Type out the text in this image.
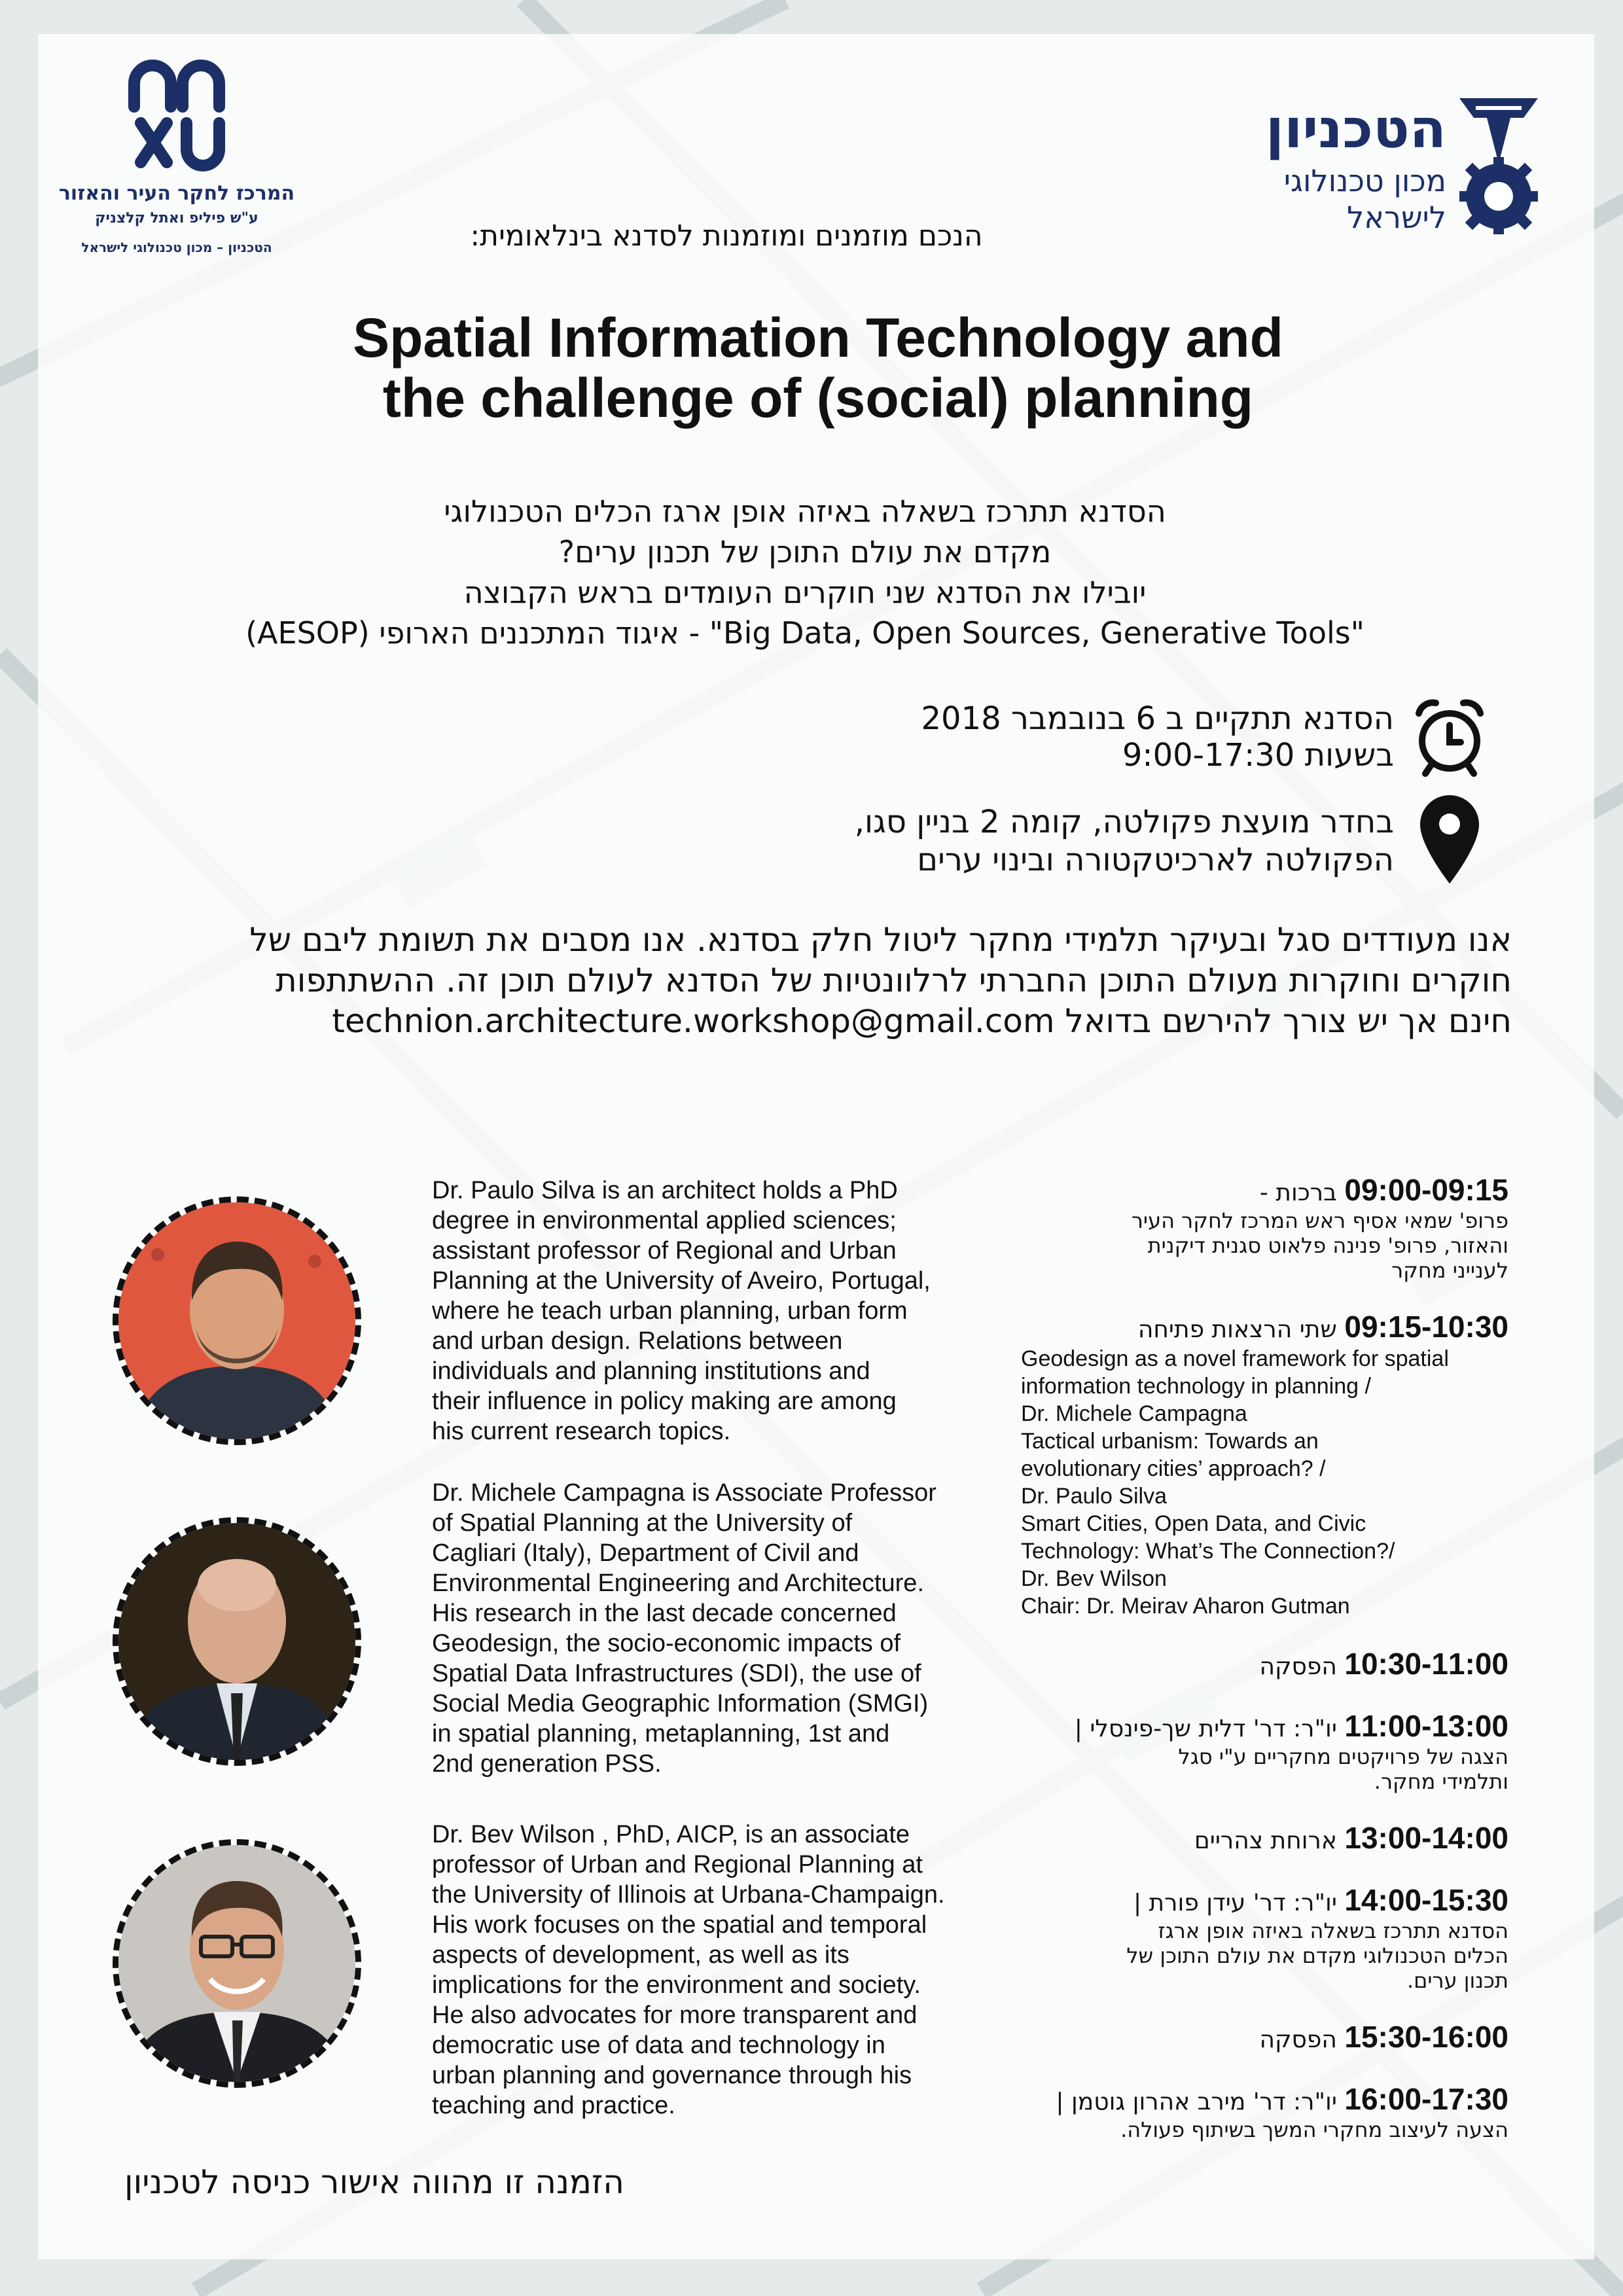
המרכז לחקר העיר והאזור
ע"ש פיליפ ואתל קלצניק
הטכניון – מכון טכנולוגי לישראל
הטכניון
מכון טכנולוגי
לישראל
הנכם מוזמנים ומוזמנות לסדנא בינלאומית:
Spatial Information Technology and
the challenge of (social) planning
הסדנא תתרכז בשאלה באיזה אופן ארגז הכלים הטכנולוגי
מקדם את עולם התוכן של תכנון ערים?
יובילו את הסדנא שני חוקרים העומדים בראש הקבוצה
"Big Data, Open Sources, Generative Tools" - איגוד המתכננים הארופי (AESOP)
הסדנא תתקיים ב 6 בנובמבר 2018
בשעות 9:00-17:30
בחדר מועצת פקולטה, קומה 2 בניין סגו,
הפקולטה לארכיטקטורה ובינוי ערים
אנו מעודדים סגל ובעיקר תלמידי מחקר ליטול חלק בסדנא. אנו מסבים את תשומת ליבם של
חוקרים וחוקרות מעולם התוכן החברתי לרלוונטיות של הסדנא לעולם תוכן זה. ההשתתפות
חינם אך יש צורך להירשם בדואל technion.architecture.workshop@gmail.com
Dr. Paulo Silva is an architect holds a PhD
degree in environmental applied sciences;
assistant professor of Regional and Urban
Planning at the University of Aveiro, Portugal,
where he teach urban planning, urban form
and urban design. Relations between
individuals and planning institutions and
their influence in policy making are among
his current research topics.
Dr. Michele Campagna is Associate Professor
of Spatial Planning at the University of
Cagliari (Italy), Department of Civil and
Environmental Engineering and Architecture.
His research in the last decade concerned
Geodesign, the socio-economic impacts of
Spatial Data Infrastructures (SDI), the use of
Social Media Geographic Information (SMGI)
in spatial planning, metaplanning, 1st and
2nd generation PSS.
Dr. Bev Wilson , PhD, AICP, is an associate
professor of Urban and Regional Planning at
the University of Illinois at Urbana-Champaign.
His work focuses on the spatial and temporal
aspects of development, as well as its
implications for the environment and society.
He also advocates for more transparent and
democratic use of data and technology in
urban planning and governance through his
teaching and practice.
09:00-09:15 ברכות -
פרופ' שמאי אסיף ראש המרכז לחקר העיר
והאזור, פרופ' פנינה פלאוט סגנית דיקנית
לענייני מחקר
09:15-10:30 שתי הרצאות פתיחה
Geodesign as a novel framework for spatial
information technology in planning /
Dr. Michele Campagna
Tactical urbanism: Towards an
evolutionary cities’ approach? /
Dr. Paulo Silva
Smart Cities, Open Data, and Civic
Technology: What’s The Connection?/
Dr. Bev Wilson
Chair: Dr. Meirav Aharon Gutman
10:30-11:00 הפסקה
11:00-13:00 יו"ר: דר' דלית שך-פינסלי |
הצגה של פרויקטים מחקריים ע"י סגל
ותלמידי מחקר.
13:00-14:00 ארוחת צהריים
14:00-15:30 יו"ר: דר' עידן פורת |
הסדנא תתרכז בשאלה באיזה אופן ארגז
הכלים הטכנולוגי מקדם את עולם התוכן של
תכנון ערים.
15:30-16:00 הפסקה
16:00-17:30 יו"ר: דר' מירב אהרון גוטמן |
הצעה לעיצוב מחקרי המשך בשיתוף פעולה.
הזמנה זו מהווה אישור כניסה לטכניון
